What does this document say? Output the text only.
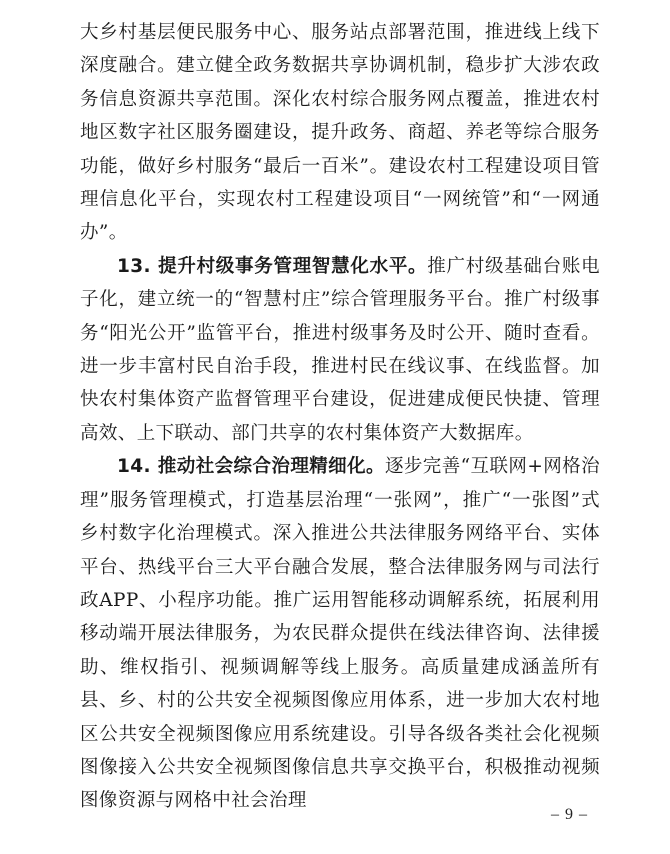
大乡村基层便民服务中心、服务站点部署范围，推进线上线下深度融合。建立健全政务数据共享协调机制，稳步扩大涉农政务信息资源共享范围。深化农村综合服务网点覆盖，推进农村地区数字社区服务圈建设，提升政务、商超、养老等综合服务功能，做好乡村服务“最后一百米”。建设农村工程建设项目管理信息化平台，实现农村工程建设项目“一网统管”和“一网通办”。

13. 提升村级事务管理智慧化水平。推广村级基础台账电子化，建立统一的“智慧村庄”综合管理服务平台。推广村级事务“阳光公开”监管平台，推进村级事务及时公开、随时查看。进一步丰富村民自治手段，推进村民在线议事、在线监督。加快农村集体资产监督管理平台建设，促进建成便民快捷、管理高效、上下联动、部门共享的农村集体资产大数据库。

14. 推动社会综合治理精细化。逐步完善“互联网+网格治理”服务管理模式，打造基层治理“一张网”，推广“一张图”式乡村数字化治理模式。深入推进公共法律服务网络平台、实体平台、热线平台三大平台融合发展，整合法律服务网与司法行政APP、小程序功能。推广运用智能移动调解系统，拓展利用移动端开展法律服务，为农民群众提供在线法律咨询、法律援助、维权指引、视频调解等线上服务。高质量建成涵盖所有县、乡、村的公共安全视频图像应用体系，进一步加大农村地区公共安全视频图像应用系统建设。引导各级各类社会化视频图像接入公共安全视频图像信息共享交换平台，积极推动视频图像资源与网格中社会治理

– 9 –
